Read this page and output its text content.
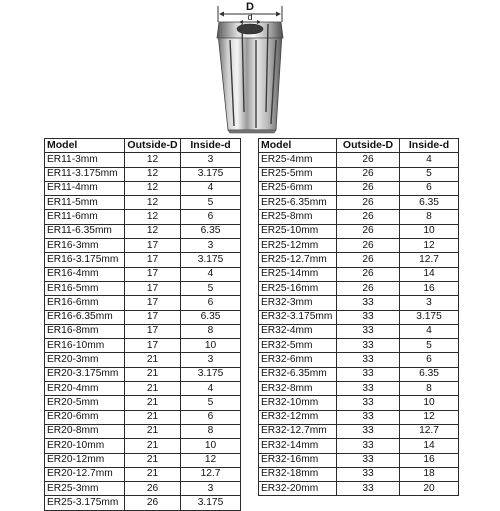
D
d
Model	Outside-D	Inside-d
ER11-3mm	12	3
ER11-3.175mm	12	3.175
ER11-4mm	12	4
ER11-5mm	12	5
ER11-6mm	12	6
ER11-6.35mm	12	6.35
ER16-3mm	17	3
ER16-3.175mm	17	3.175
ER16-4mm	17	4
ER16-5mm	17	5
ER16-6mm	17	6
ER16-6.35mm	17	6.35
ER16-8mm	17	8
ER16-10mm	17	10
ER20-3mm	21	3
ER20-3.175mm	21	3.175
ER20-4mm	21	4
ER20-5mm	21	5
ER20-6mm	21	6
ER20-8mm	21	8
ER20-10mm	21	10
ER20-12mm	21	12
ER20-12.7mm	21	12.7
ER25-3mm	26	3
ER25-3.175mm	26	3.175
Model	Outside-D	Inside-d
ER25-4mm	26	4
ER25-5mm	26	5
ER25-6mm	26	6
ER25-6.35mm	26	6.35
ER25-8mm	26	8
ER25-10mm	26	10
ER25-12mm	26	12
ER25-12.7mm	26	12.7
ER25-14mm	26	14
ER25-16mm	26	16
ER32-3mm	33	3
ER32-3.175mm	33	3.175
ER32-4mm	33	4
ER32-5mm	33	5
ER32-6mm	33	6
ER32-6.35mm	33	6.35
ER32-8mm	33	8
ER32-10mm	33	10
ER32-12mm	33	12
ER32-12.7mm	33	12.7
ER32-14mm	33	14
ER32-16mm	33	16
ER32-18mm	33	18
ER32-20mm	33	20
